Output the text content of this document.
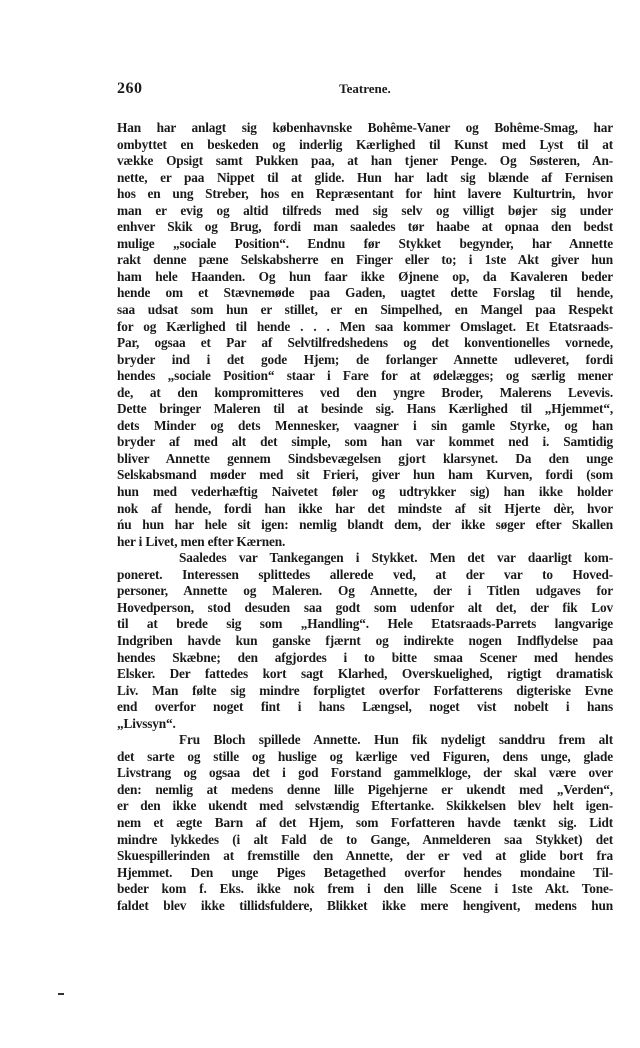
260	Teatrene.
Han har anlagt sig københavnske Bohême-Vaner og Bohême-Smag, har
ombyttet en beskeden og inderlig Kærlighed til Kunst med Lyst til at
vække Opsigt samt Pukken paa, at han tjener Penge. Og Søsteren, An-
nette, er paa Nippet til at glide. Hun har ladt sig blænde af Fernisen
hos en ung Streber, hos en Repræsentant for hint lavere Kulturtrin, hvor
man er evig og altid tilfreds med sig selv og villigt bøjer sig under
enhver Skik og Brug, fordi man saaledes tør haabe at opnaa den bedst
mulige „sociale Position“. Endnu før Stykket begynder, har Annette
rakt denne pæne Selskabsherre en Finger eller to; i 1ste Akt giver hun
ham hele Haanden. Og hun faar ikke Øjnene op, da Kavaleren beder
hende om et Stævnemøde paa Gaden, uagtet dette Forslag til hende,
saa udsat som hun er stillet, er en Simpelhed, en Mangel paa Respekt
for og Kærlighed til hende . . . Men saa kommer Omslaget. Et Etatsraads-
Par, ogsaa et Par af Selvtilfredshedens og det konventionelles vornede,
bryder ind i det gode Hjem; de forlanger Annette udleveret, fordi
hendes „sociale Position“ staar i Fare for at ødelægges; og særlig mener
de, at den kompromitteres ved den yngre Broder, Malerens Levevis.
Dette bringer Maleren til at besinde sig. Hans Kærlighed til „Hjemmet“,
dets Minder og dets Mennesker, vaagner i sin gamle Styrke, og han
bryder af med alt det simple, som han var kommet ned i. Samtidig
bliver Annette gennem Sindsbevægelsen gjort klarsynet. Da den unge
Selskabsmand møder med sit Frieri, giver hun ham Kurven, fordi (som
hun med vederhæftig Naivetet føler og udtrykker sig) han ikke holder
nok af hende, fordi han ikke har det mindste af sit Hjerte dèr, hvor
ńu hun har hele sit igen: nemlig blandt dem, der ikke søger efter Skallen
her i Livet, men efter Kærnen.
Saaledes var Tankegangen i Stykket. Men det var daarligt kom-
poneret. Interessen splittedes allerede ved, at der var to Hoved-
personer, Annette og Maleren. Og Annette, der i Titlen udgaves for
Hovedperson, stod desuden saa godt som udenfor alt det, der fik Lov
til at brede sig som „Handling“. Hele Etatsraads-Parrets langvarige
Indgriben havde kun ganske fjærnt og indirekte nogen Indflydelse paa
hendes Skæbne; den afgjordes i to bitte smaa Scener med hendes
Elsker. Der fattedes kort sagt Klarhed, Overskuelighed, rigtigt dramatisk
Liv. Man følte sig mindre forpligtet overfor Forfatterens digteriske Evne
end overfor noget fint i hans Længsel, noget vist nobelt i hans
„Livssyn“.
Fru Bloch spillede Annette. Hun fik nydeligt sanddru frem alt
det sarte og stille og huslige og kærlige ved Figuren, dens unge, glade
Livstrang og ogsaa det i god Forstand gammelkloge, der skal være over
den: nemlig at medens denne lille Pigehjerne er ukendt med „Verden“,
er den ikke ukendt med selvstændig Eftertanke. Skikkelsen blev helt igen-
nem et ægte Barn af det Hjem, som Forfatteren havde tænkt sig. Lidt
mindre lykkedes (i alt Fald de to Gange, Anmelderen saa Stykket) det
Skuespillerinden at fremstille den Annette, der er ved at glide bort fra
Hjemmet. Den unge Piges Betagethed overfor hendes mondaine Til-
beder kom f. Eks. ikke nok frem i den lille Scene i 1ste Akt. Tone-
faldet blev ikke tillidsfuldere, Blikket ikke mere hengivent, medens hun
